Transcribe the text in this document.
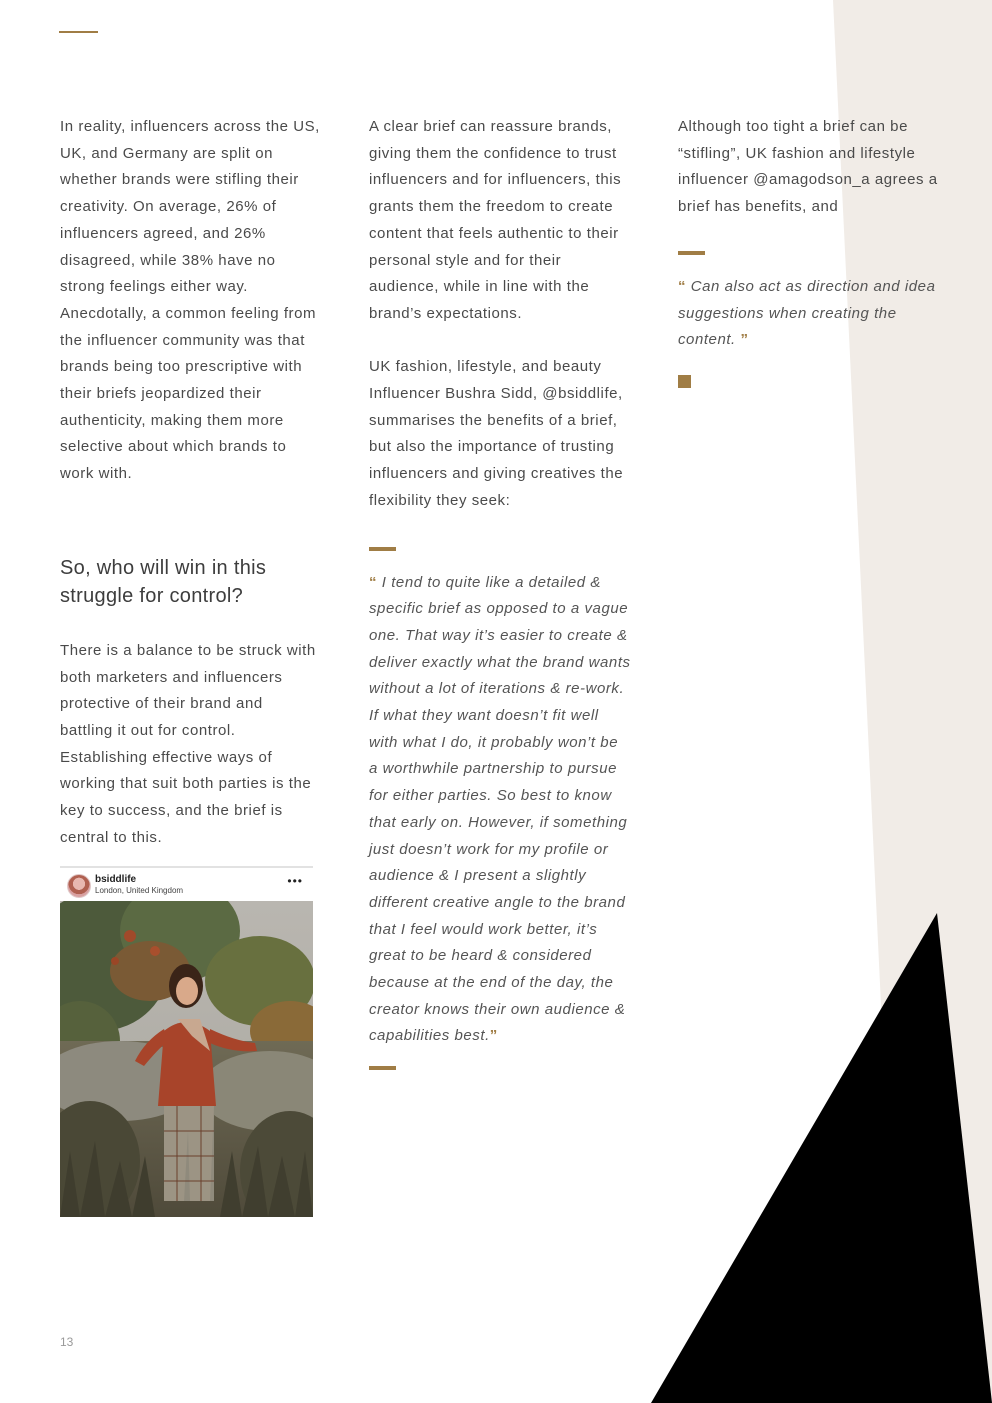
In reality, influencers across the US, UK, and Germany are split on whether brands were stifling their creativity. On average, 26% of influencers agreed, and 26% disagreed, while 38% have no strong feelings either way. Anecdotally, a common feeling from the influencer community was that brands being too prescriptive with their briefs jeopardized their authenticity, making them more selective about which brands to work with.

So, who will win in this struggle for control?

There is a balance to be struck with both marketers and influencers protective of their brand and battling it out for control. Establishing effective ways of working that suit both parties is the key to success, and the brief is central to this.

bsiddlife
London, United Kingdom
•••

A clear brief can reassure brands, giving them the confidence to trust influencers and for influencers, this grants them the freedom to create content that feels authentic to their personal style and for their audience, while in line with the brand’s expectations.

UK fashion, lifestyle, and beauty Influencer Bushra Sidd, @bsiddlife, summarises the benefits of a brief, but also the importance of trusting influencers and giving creatives the flexibility they seek:

“ I tend to quite like a detailed & specific brief as opposed to a vague one. That way it’s easier to create & deliver exactly what the brand wants without a lot of iterations & re-work. If what they want doesn’t fit well with what I do, it probably won’t be a worthwhile partnership to pursue for either parties. So best to know that early on. However, if something just doesn’t work for my profile or audience & I present a slightly different creative angle to the brand that I feel would work better, it’s great to be heard & considered because at the end of the day, the creator knows their own audience & capabilities best.”

Although too tight a brief can be “stifling”, UK fashion and lifestyle influencer @amagodson_a agrees a brief has benefits, and

“ Can also act as direction and idea suggestions when creating the content. ”

13
